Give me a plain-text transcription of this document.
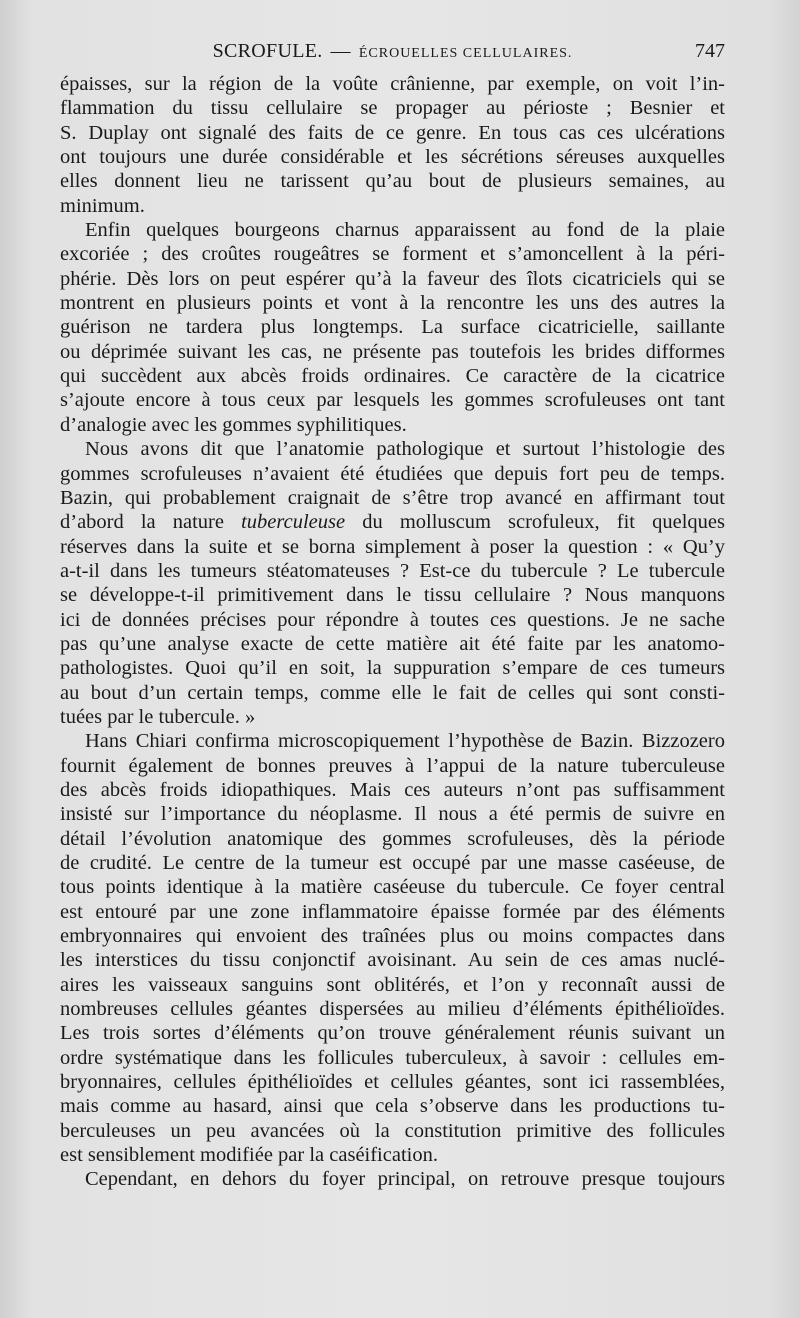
SCROFULE. — ÉCROUELLES CELLULAIRES.	747
épaisses, sur la région de la voûte crânienne, par exemple, on voit l’in-
flammation du tissu cellulaire se propager au périoste ; Besnier et
S. Duplay ont signalé des faits de ce genre. En tous cas ces ulcérations
ont toujours une durée considérable et les sécrétions séreuses auxquelles
elles donnent lieu ne tarissent qu’au bout de plusieurs semaines, au
minimum.
Enfin quelques bourgeons charnus apparaissent au fond de la plaie
excoriée ; des croûtes rougeâtres se forment et s’amoncellent à la péri-
phérie. Dès lors on peut espérer qu’à la faveur des îlots cicatriciels qui se
montrent en plusieurs points et vont à la rencontre les uns des autres la
guérison ne tardera plus longtemps. La surface cicatricielle, saillante
ou déprimée suivant les cas, ne présente pas toutefois les brides difformes
qui succèdent aux abcès froids ordinaires. Ce caractère de la cicatrice
s’ajoute encore à tous ceux par lesquels les gommes scrofuleuses ont tant
d’analogie avec les gommes syphilitiques.
Nous avons dit que l’anatomie pathologique et surtout l’histologie des
gommes scrofuleuses n’avaient été étudiées que depuis fort peu de temps.
Bazin, qui probablement craignait de s’être trop avancé en affirmant tout
d’abord la nature tuberculeuse du molluscum scrofuleux, fit quelques
réserves dans la suite et se borna simplement à poser la question : « Qu’y
a-t-il dans les tumeurs stéatomateuses ? Est-ce du tubercule ? Le tubercule
se développe-t-il primitivement dans le tissu cellulaire ? Nous manquons
ici de données précises pour répondre à toutes ces questions. Je ne sache
pas qu’une analyse exacte de cette matière ait été faite par les anatomo-
pathologistes. Quoi qu’il en soit, la suppuration s’empare de ces tumeurs
au bout d’un certain temps, comme elle le fait de celles qui sont consti-
tuées par le tubercule. »
Hans Chiari confirma microscopiquement l’hypothèse de Bazin. Bizzozero
fournit également de bonnes preuves à l’appui de la nature tuberculeuse
des abcès froids idiopathiques. Mais ces auteurs n’ont pas suffisamment
insisté sur l’importance du néoplasme. Il nous a été permis de suivre en
détail l’évolution anatomique des gommes scrofuleuses, dès la période
de crudité. Le centre de la tumeur est occupé par une masse caséeuse, de
tous points identique à la matière caséeuse du tubercule. Ce foyer central
est entouré par une zone inflammatoire épaisse formée par des éléments
embryonnaires qui envoient des traînées plus ou moins compactes dans
les interstices du tissu conjonctif avoisinant. Au sein de ces amas nuclé-
aires les vaisseaux sanguins sont oblitérés, et l’on y reconnaît aussi de
nombreuses cellules géantes dispersées au milieu d’éléments épithélioïdes.
Les trois sortes d’éléments qu’on trouve généralement réunis suivant un
ordre systématique dans les follicules tuberculeux, à savoir : cellules em-
bryonnaires, cellules épithélioïdes et cellules géantes, sont ici rassemblées,
mais comme au hasard, ainsi que cela s’observe dans les productions tu-
berculeuses un peu avancées où la constitution primitive des follicules
est sensiblement modifiée par la caséification.
Cependant, en dehors du foyer principal, on retrouve presque toujours
